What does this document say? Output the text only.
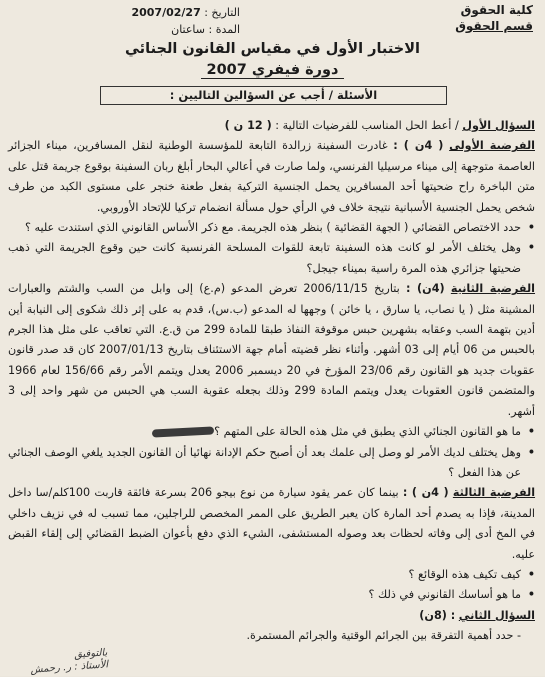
كلية الحقوق
قسم الحقوق
التاريخ : 2007/02/27
المدة : ساعتان
الاختبار الأول في مقياس القانون الجنائي
دورة فيفري 2007
الأسئلة / أجب عن السؤالين التاليين :

السؤال الأول / أعط الحل المناسب للفرضيات التالية : ( 12 ن )

الفرضية الأولى ( 4ن ) : غادرت السفينة زرالدة التابعة للمؤسسة الوطنية لنقل المسافرين، ميناء الجزائر العاصمة متوجهة إلى ميناء مرسيليا الفرنسي، ولما صارت في أعالي البحار أبلغ ربان السفينة بوقوع جريمة قتل على متن الباخرة راح ضحيتها أحد المسافرين يحمل الجنسية التركية بفعل طعنة خنجر على مستوى الكبد من طرف شخص يحمل الجنسية الأسبانية نتيجة خلاف في الرأي حول مسألة انضمام تركيا للإتحاد الأوروبي.

• حدد الاختصاص القضائي ( الجهة القضائية ) بنظر هذه الجريمة. مع ذكر الأساس القانوني الذي استندت عليه ؟

• وهل يختلف الأمر لو كانت هذه السفينة تابعة للقوات المسلحة الفرنسية كانت حين وقوع الجريمة التي ذهب ضحيتها جزائري هذه المرة راسية بميناء جيجل؟

الفرضية الثانية (4ن) : بتاريخ 2006/11/15 تعرض المدعو (م.ع) إلى وابل من السب والشتم والعبارات المشينة مثل ( يا نصاب، يا سارق ، يا خائن ) وجهها له المدعو (ب.س)، قدم به على إثر ذلك شكوى إلى النيابة أين أدين بتهمة السب وعقابه بشهرين حبس موقوفة النفاذ طبقا للمادة 299 من ق.ع. التي تعاقب على مثل هذا الجرم بالحبس من 06 أيام إلى 03 أشهر. وأثناء نظر قضيته أمام جهة الاستئناف بتاريخ 2007/01/13 كان قد صدر قانون عقوبات جديد هو القانون رقم 23/06 المؤرخ في 20 ديسمبر 2006 يعدل ويتمم الأمر رقم 156/66 لعام 1966 والمتضمن قانون العقوبات يعدل ويتمم المادة 299 وذلك بجعله عقوبة السب هي الحبس من شهر واحد إلى 3 أشهر.

• ما هو القانون الجنائي الذي يطبق في مثل هذه الحالة على المتهم ؟

• وهل يختلف لديك الأمر لو وصل إلى علمك بعد أن أصبح حكم الإدانة نهائيا أن القانون الجديد يلغي الوصف الجنائي عن هذا الفعل ؟

الفرضية الثالثة ( 4ن ) : بينما كان عمر يقود سيارة من نوع بيجو 206 بسرعة فائقة قاربت 100كلم/سا داخل المدينة، فإذا به يصدم أحد المارة كان يعبر الطريق على الممر المخصص للراجلين، مما تسبب له في نزيف داخلي في المخ أدى إلى وفاته لحظات بعد وصوله المستشفى، الشيء الذي دفع بأعوان الضبط القضائي إلى إلقاء القبض عليه.

• كيف تكيف هذه الوقائع ؟

• ما هو أساسك القانوني في ذلك ؟

السؤال الثاني : (8ن)

- حدد أهمية التفرقة بين الجرائم الوقتية والجرائم المستمرة.

بالتوفيق
الأستاذ : ر. رحمش
